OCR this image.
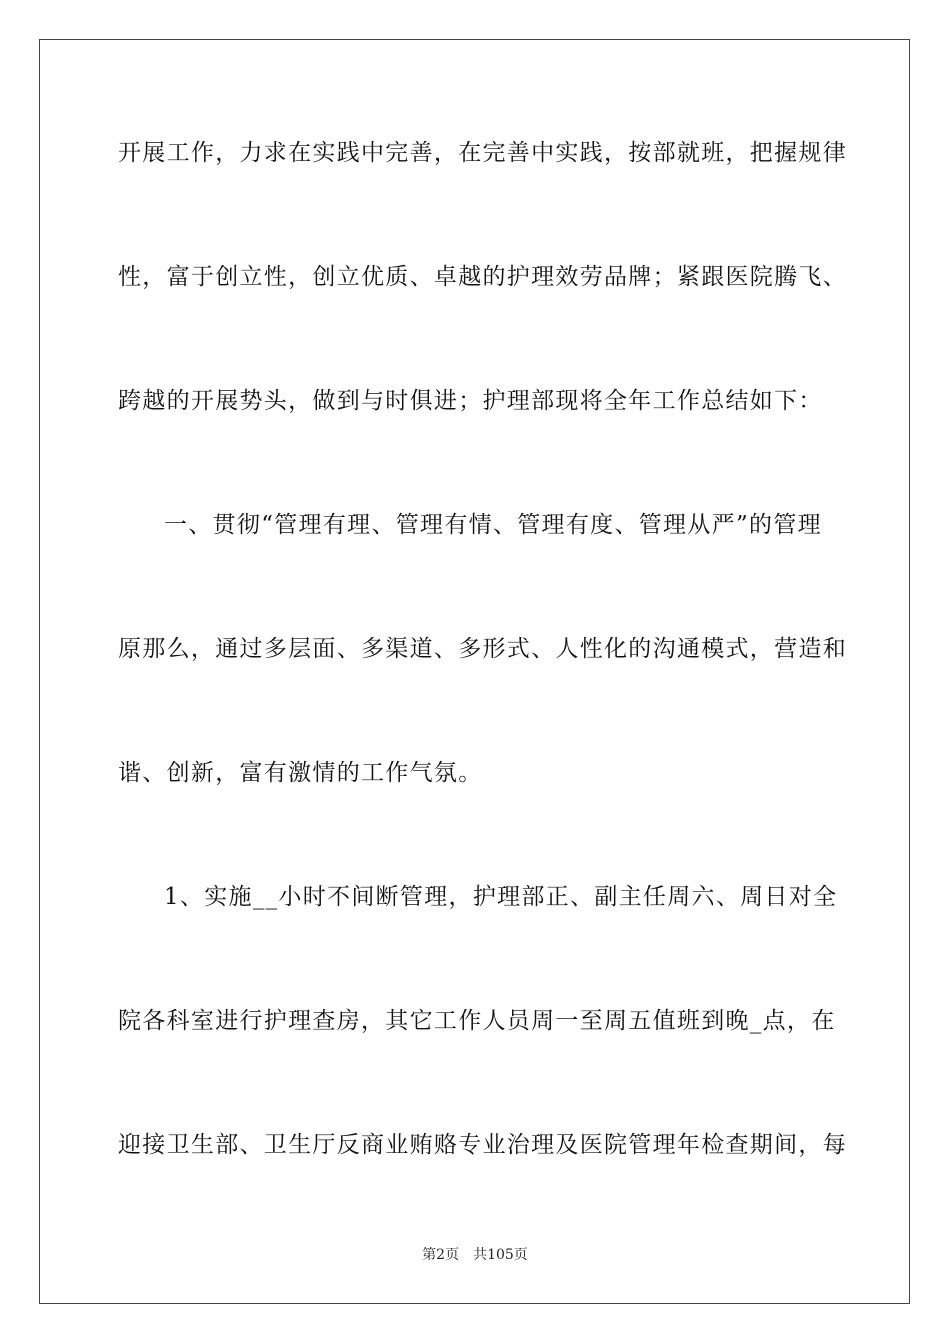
开展工作，力求在实践中完善，在完善中实践，按部就班，把握规律
性，富于创立性，创立优质、卓越的护理效劳品牌；紧跟医院腾飞、
跨越的开展势头，做到与时俱进；护理部现将全年工作总结如下：
一、贯彻“管理有理、管理有情、管理有度、管理从严”的管理
原那么，通过多层面、多渠道、多形式、人性化的沟通模式，营造和
谐、创新，富有激情的工作气氛。
1、实施__小时不间断管理，护理部正、副主任周六、周日对全
院各科室进行护理查房，其它工作人员周一至周五值班到晚_点，在
迎接卫生部、卫生厅反商业贿赂专业治理及医院管理年检查期间，每
第2页　共105页
